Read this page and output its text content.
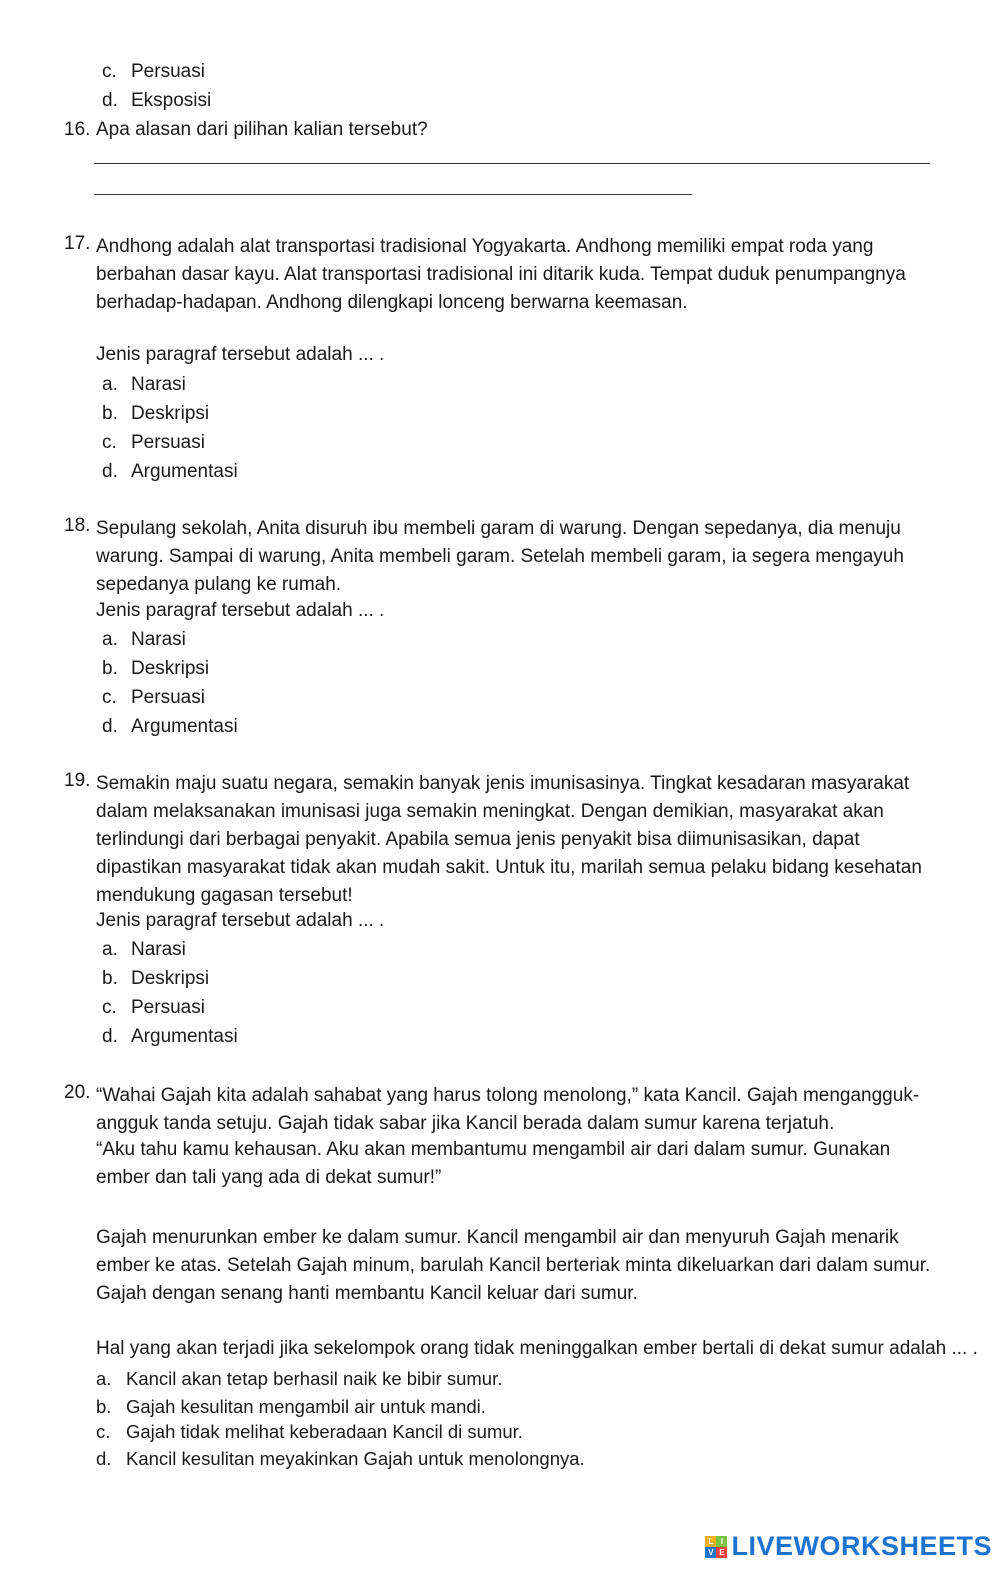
c. Persuasi
d. Eksposisi
16. Apa alasan dari pilihan kalian tersebut?
17. Andhong adalah alat transportasi tradisional Yogyakarta. Andhong memiliki empat roda yang berbahan dasar kayu. Alat transportasi tradisional ini ditarik kuda. Tempat duduk penumpangnya berhadap-hadapan. Andhong dilengkapi lonceng berwarna keemasan.
Jenis paragraf tersebut adalah ... .
a. Narasi
b. Deskripsi
c. Persuasi
d. Argumentasi
18. Sepulang sekolah, Anita disuruh ibu membeli garam di warung. Dengan sepedanya, dia menuju warung. Sampai di warung, Anita membeli garam. Setelah membeli garam, ia segera mengayuh sepedanya pulang ke rumah.
Jenis paragraf tersebut adalah ... .
a. Narasi
b. Deskripsi
c. Persuasi
d. Argumentasi
19. Semakin maju suatu negara, semakin banyak jenis imunisasinya. Tingkat kesadaran masyarakat dalam melaksanakan imunisasi juga semakin meningkat. Dengan demikian, masyarakat akan terlindungi dari berbagai penyakit. Apabila semua jenis penyakit bisa diimunisasikan, dapat dipastikan masyarakat tidak akan mudah sakit. Untuk itu, marilah semua pelaku bidang kesehatan mendukung gagasan tersebut!
Jenis paragraf tersebut adalah ... .
a. Narasi
b. Deskripsi
c. Persuasi
d. Argumentasi
20. “Wahai Gajah kita adalah sahabat yang harus tolong menolong,” kata Kancil. Gajah mengangguk-angguk tanda setuju. Gajah tidak sabar jika Kancil berada dalam sumur karena terjatuh.
“Aku tahu kamu kehausan. Aku akan membantumu mengambil air dari dalam sumur. Gunakan ember dan tali yang ada di dekat sumur!”
Gajah menurunkan ember ke dalam sumur. Kancil mengambil air dan menyuruh Gajah menarik ember ke atas. Setelah Gajah minum, barulah Kancil berteriak minta dikeluarkan dari dalam sumur. Gajah dengan senang hanti membantu Kancil keluar dari sumur.
Hal yang akan terjadi jika sekelompok orang tidak meninggalkan ember bertali di dekat sumur adalah ... .
a. Kancil akan tetap berhasil naik ke bibir sumur.
b. Gajah kesulitan mengambil air untuk mandi.
c. Gajah tidak melihat keberadaan Kancil di sumur.
d. Kancil kesulitan meyakinkan Gajah untuk menolongnya.
L I
V E LIVEWORKSHEETS
